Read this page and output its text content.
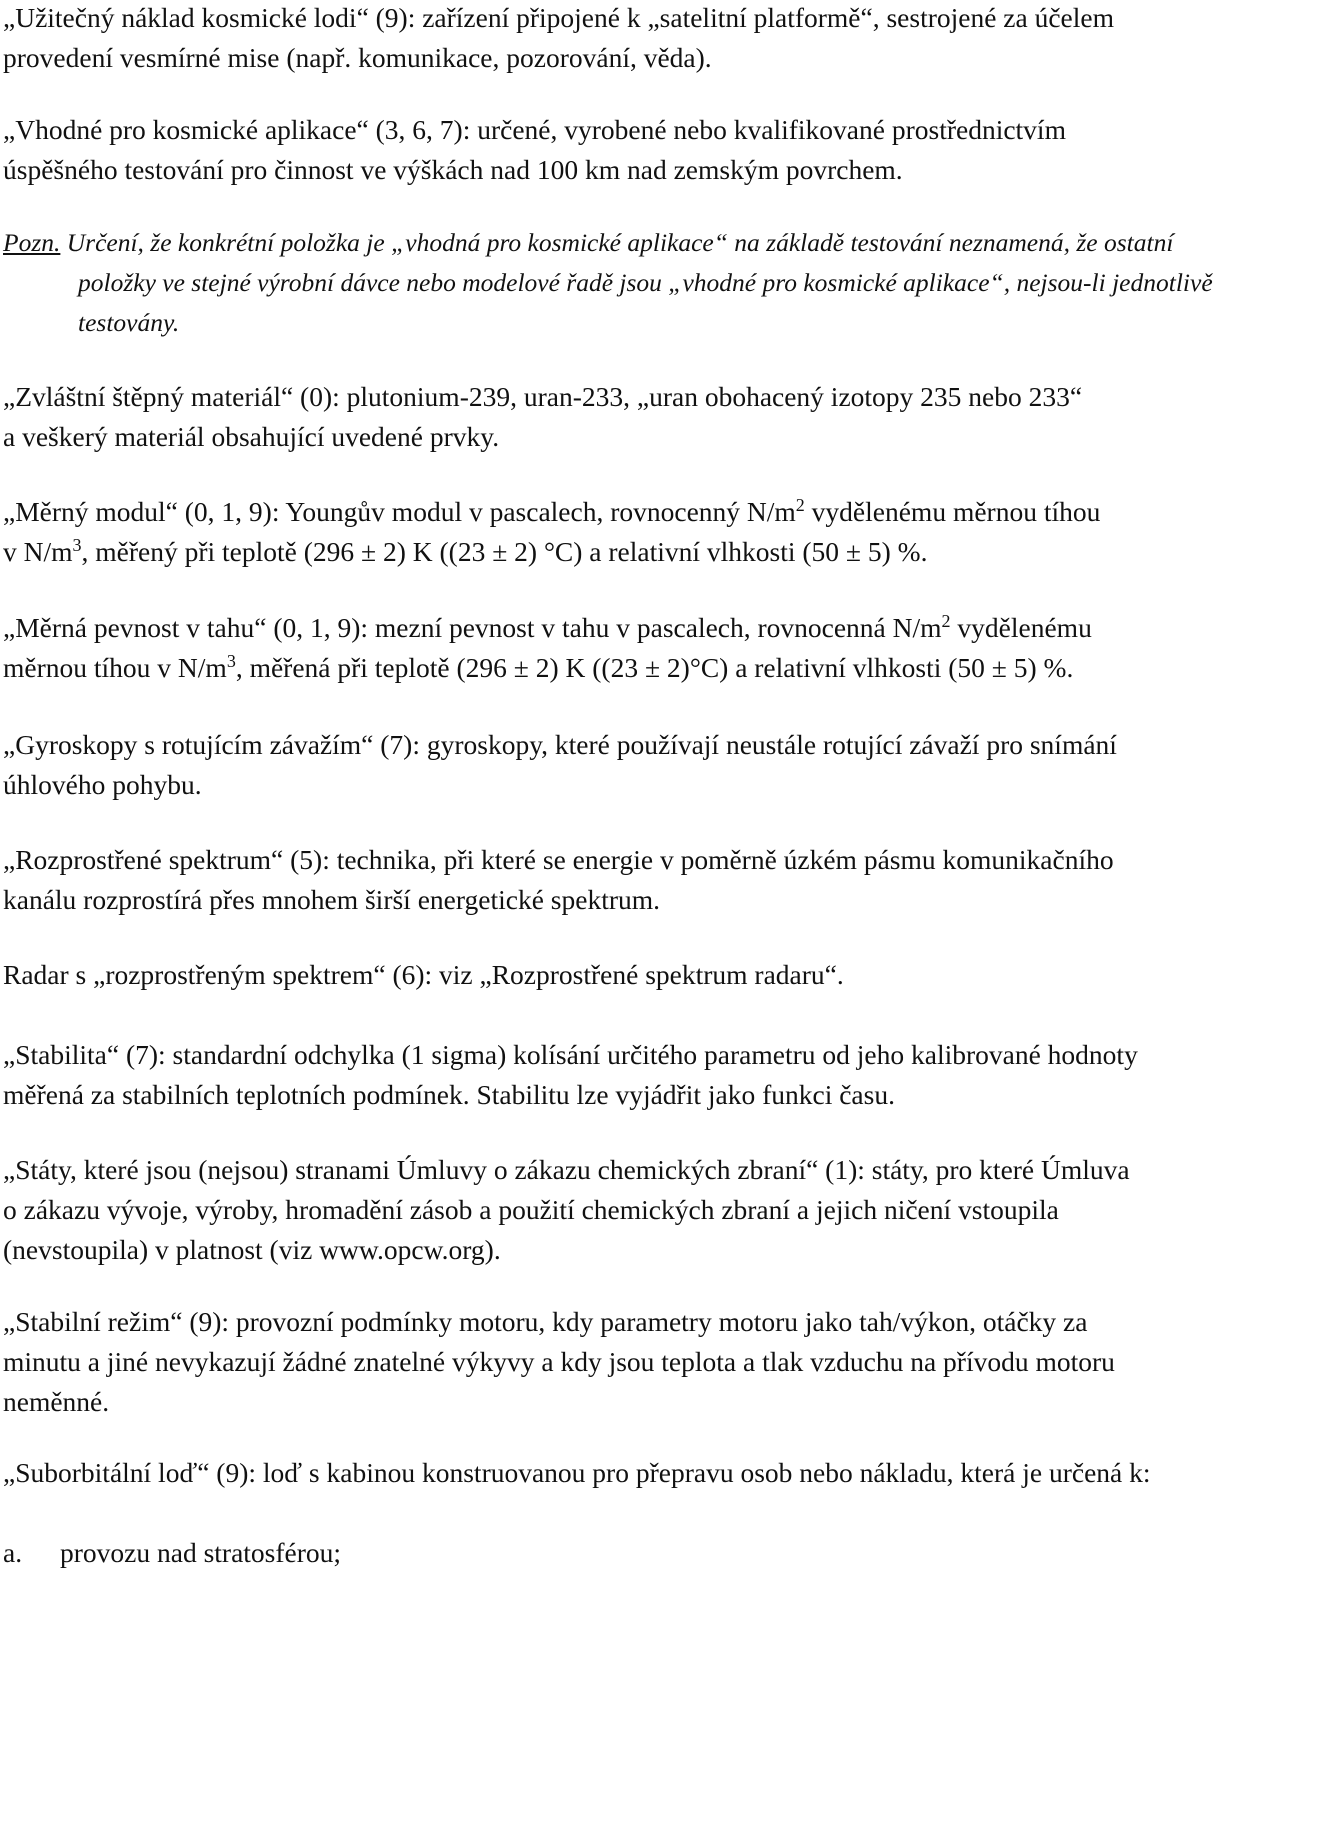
„Užitečný náklad kosmické lodi“ (9): zařízení připojené k „satelitní platformě“, sestrojené za účelem
provedení vesmírné mise (např. komunikace, pozorování, věda).
„Vhodné pro kosmické aplikace“ (3, 6, 7): určené, vyrobené nebo kvalifikované prostřednictvím
úspěšného testování pro činnost ve výškách nad 100 km nad zemským povrchem.
Pozn. Určení, že konkrétní položka je „vhodná pro kosmické aplikace“ na základě testování neznamená, že ostatní
položky ve stejné výrobní dávce nebo modelové řadě jsou „vhodné pro kosmické aplikace“, nejsou-li jednotlivě
testovány.
„Zvláštní štěpný materiál“ (0): plutonium-239, uran-233, „uran obohacený izotopy 235 nebo 233“
a veškerý materiál obsahující uvedené prvky.
„Měrný modul“ (0, 1, 9): Youngův modul v pascalech, rovnocenný $N/m^2$ vydělenému měrnou tíhou
v $N/m^3$, měřený při teplotě (296 ± 2) K ((23 ± 2) °C) a relativní vlhkosti (50 ± 5) %.
„Měrná pevnost v tahu“ (0, 1, 9): mezní pevnost v tahu v pascalech, rovnocenná $N/m^2$ vydělenému
měrnou tíhou v $N/m^3$, měřená při teplotě (296 ± 2) K ((23 ± 2)°C) a relativní vlhkosti (50 ± 5) %.
„Gyroskopy s rotujícím závažím“ (7): gyroskopy, které používají neustále rotující závaží pro snímání
úhlového pohybu.
„Rozprostřené spektrum“ (5): technika, při které se energie v poměrně úzkém pásmu komunikačního
kanálu rozprostírá přes mnohem širší energetické spektrum.
Radar s „rozprostřeným spektrem“ (6): viz „Rozprostřené spektrum radaru“.
„Stabilita“ (7): standardní odchylka (1 sigma) kolísání určitého parametru od jeho kalibrované hodnoty
měřená za stabilních teplotních podmínek. Stabilitu lze vyjádřit jako funkci času.
„Státy, které jsou (nejsou) stranami Úmluvy o zákazu chemických zbraní“ (1): státy, pro které Úmluva
o zákazu vývoje, výroby, hromadění zásob a použití chemických zbraní a jejich ničení vstoupila
(nevstoupila) v platnost (viz www.opcw.org).
„Stabilní režim“ (9): provozní podmínky motoru, kdy parametry motoru jako tah/výkon, otáčky za
minutu a jiné nevykazují žádné znatelné výkyvy a kdy jsou teplota a tlak vzduchu na přívodu motoru
neměnné.
„Suborbitální loď“ (9): loď s kabinou konstruovanou pro přepravu osob nebo nákladu, která je určená k:
a. provozu nad stratosférou;
